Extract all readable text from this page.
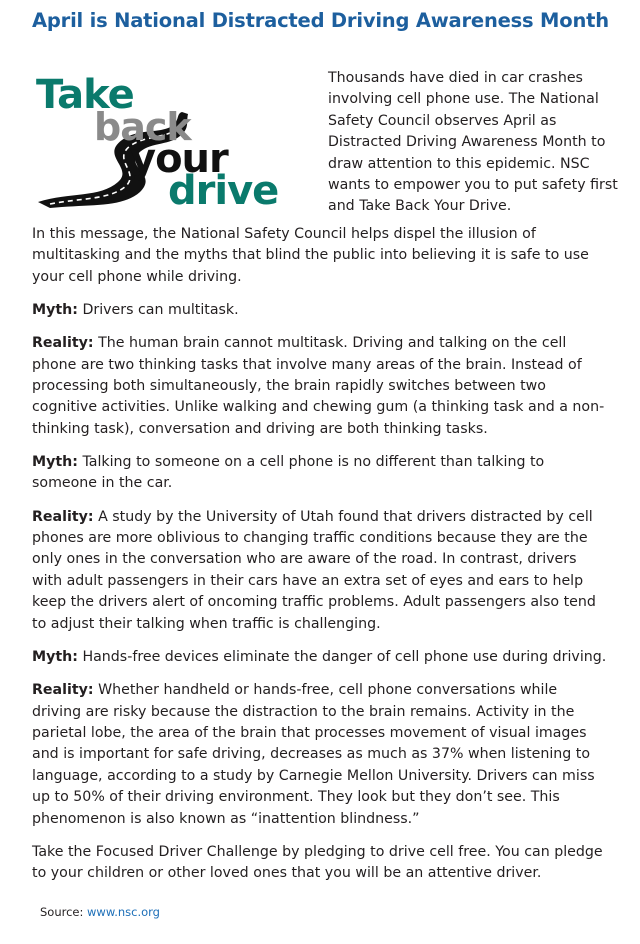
April is National Distracted Driving Awareness Month
Take
back
your
drive
Thousands have died in car crashes involving cell phone use. The National Safety Council observes April as Distracted Driving Awareness Month to draw attention to this epidemic. NSC wants to empower you to put safety first and Take Back Your Drive.

In this message, the National Safety Council helps dispel the illusion of multitasking and the myths that blind the public into believing it is safe to use your cell phone while driving.

Myth: Drivers can multitask.

Reality: The human brain cannot multitask. Driving and talking on the cell phone are two thinking tasks that involve many areas of the brain. Instead of processing both simultaneously, the brain rapidly switches between two cognitive activities. Unlike walking and chewing gum (a thinking task and a non-thinking task), conversation and driving are both thinking tasks.

Myth: Talking to someone on a cell phone is no different than talking to someone in the car.

Reality: A study by the University of Utah found that drivers distracted by cell phones are more oblivious to changing traffic conditions because they are the only ones in the conversation who are aware of the road. In contrast, drivers with adult passengers in their cars have an extra set of eyes and ears to help keep the drivers alert of oncoming traffic problems. Adult passengers also tend to adjust their talking when traffic is challenging.

Myth: Hands-free devices eliminate the danger of cell phone use during driving.

Reality: Whether handheld or hands-free, cell phone conversations while driving are risky because the distraction to the brain remains. Activity in the parietal lobe, the area of the brain that processes movement of visual images and is important for safe driving, decreases as much as 37% when listening to language, according to a study by Carnegie Mellon University. Drivers can miss up to 50% of their driving environment. They look but they don’t see. This phenomenon is also known as “inattention blindness.”

Take the Focused Driver Challenge by pledging to drive cell free. You can pledge to your children or other loved ones that you will be an attentive driver.

Source: www.nsc.org
